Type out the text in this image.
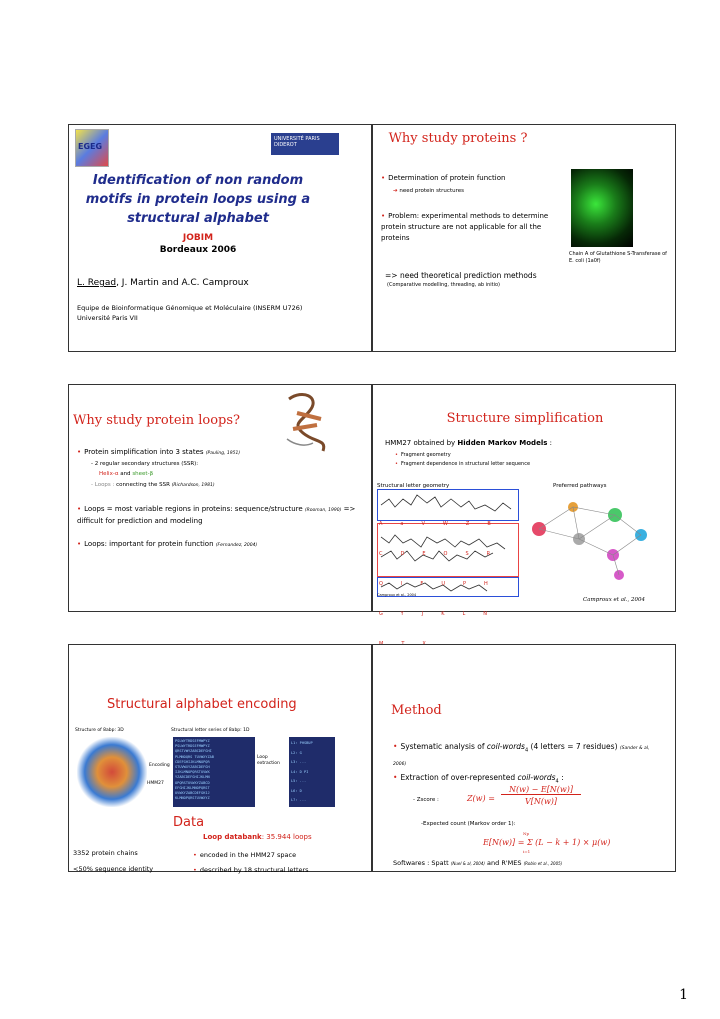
EGEG
UNIVERSITÉ PARIS DIDEROT
Identification of non random motifs in protein loops using a structural alphabet
JOBIM
Bordeaux 2006
L. Regad, J. Martin and A.C. Camproux
Equipe de Bioinformatique Génomique et Moléculaire (INSERM U726)
Université Paris VII
Why study proteins ?
• Determination of protein function
➔ need protein structures
• Problem: experimental methods to determine protein structure are not applicable for all the proteins
Chain A of Glutathione S-Transferase of E. coli (1a0f)
=> need theoretical prediction methods
(Comparative modelling, threading, ab initio)
Why study protein loops?
• Protein simplification into 3 states (Pauling, 1951)
- 2 regular secondary structures (SSR):
Helix-α and sheet-β
- Loops : connecting the SSR (Richardson, 1981)
• Loops = most variable regions in proteins: sequence/structure (Rooman, 1990) => difficult for prediction and modeling
• Loops: important for protein function (Fernandez, 2004)
Structure simplification
HMM27 obtained by Hidden Markov Models :
• Fragment geometry
• Fragment dependence in structural letter sequence
Structural letter geometry	Preferred pathways
AaVWZBCDEOSRQIFUPHGYJKLN
Camproux et al., 2004
Camproux et al., 2004
Structural alphabet encoding
Structure of 8abp: 3D	Structural letter series of 8abp: 1D
Encoding
HMM27
PSLWYTRDSEFMWPYZ
PSLWYTRDSEFMWPYZ
QRSTVWYZABCDEFGHI
PLMNOQRS TUVWXYZAB
CDEFGHIJKLMNOPQR
STUVWXYZABCDEFGH
IJKLMNOPQRSTUVWX
YZABCDEFGHIJKLMN
OPQRSTUVWXYZABCD
EFGHIJKLMNOPQRST
UVWXYZABCDEFGHIJ
KLMNOPQRSTUVWXYZ
Loop extraction
L1: PHSBUP
L2: G
L3: ...
L4: D PI
L5: ...
L6: D
L7: ...
Data
3352 protein chains
<50% sequence identity
Loop databank: 35.944 loops
• encoded in the HMM27 space
• described by 18 structural letters
Method
• Systematic analysis of coil-words$_4$ (4 letters = 7 residues) (Sander & al, 2006)
• Extraction of over-represented coil-words$_4$ :
- Zscore :	Z(w) =
N(w) − E[N(w)]
V[N(w)]
-Expected count (Markov order 1):
Np
E[N(w)] = Σ (L − k + 1) × μ(w)
i=1
Softwares : Spatt (Nuel & al, 2004) and R'MES (Robin et al., 2005)
1
